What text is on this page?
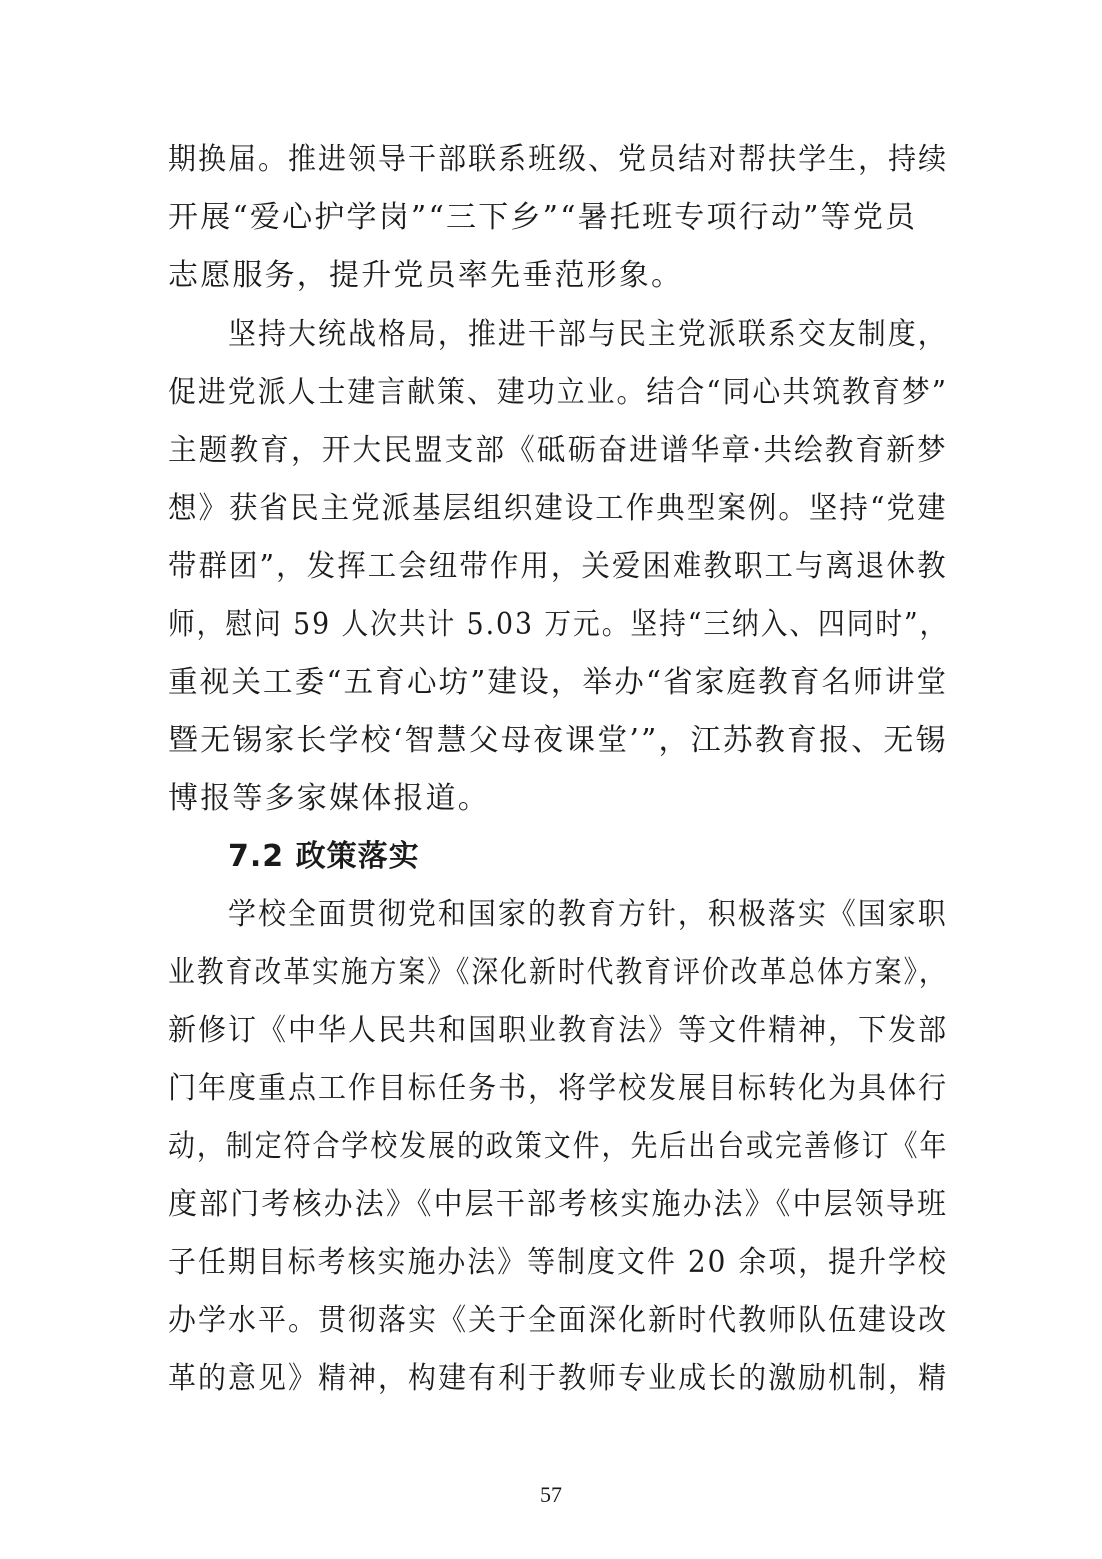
期换届。推进领导干部联系班级、党员结对帮扶学生，持续
开展“爱心护学岗”“三下乡”“暑托班专项行动”等党员
志愿服务，提升党员率先垂范形象。
坚持大统战格局，推进干部与民主党派联系交友制度，
促进党派人士建言献策、建功立业。结合“同心共筑教育梦”
主题教育，开大民盟支部《砥砺奋进谱华章·共绘教育新梦
想》获省民主党派基层组织建设工作典型案例。坚持“党建
带群团”，发挥工会纽带作用，关爱困难教职工与离退休教
师，慰问 59 人次共计 5.03 万元。坚持“三纳入、四同时”，
重视关工委“五育心坊”建设，举办“省家庭教育名师讲堂
暨无锡家长学校‘智慧父母夜课堂’”，江苏教育报、无锡
博报等多家媒体报道。
7.2 政策落实
学校全面贯彻党和国家的教育方针，积极落实《国家职
业教育改革实施方案》《深化新时代教育评价改革总体方案》，
新修订《中华人民共和国职业教育法》等文件精神，下发部
门年度重点工作目标任务书，将学校发展目标转化为具体行
动，制定符合学校发展的政策文件，先后出台或完善修订《年
度部门考核办法》《中层干部考核实施办法》《中层领导班
子任期目标考核实施办法》等制度文件 20 余项，提升学校
办学水平。贯彻落实《关于全面深化新时代教师队伍建设改
革的意见》精神，构建有利于教师专业成长的激励机制，精
57
